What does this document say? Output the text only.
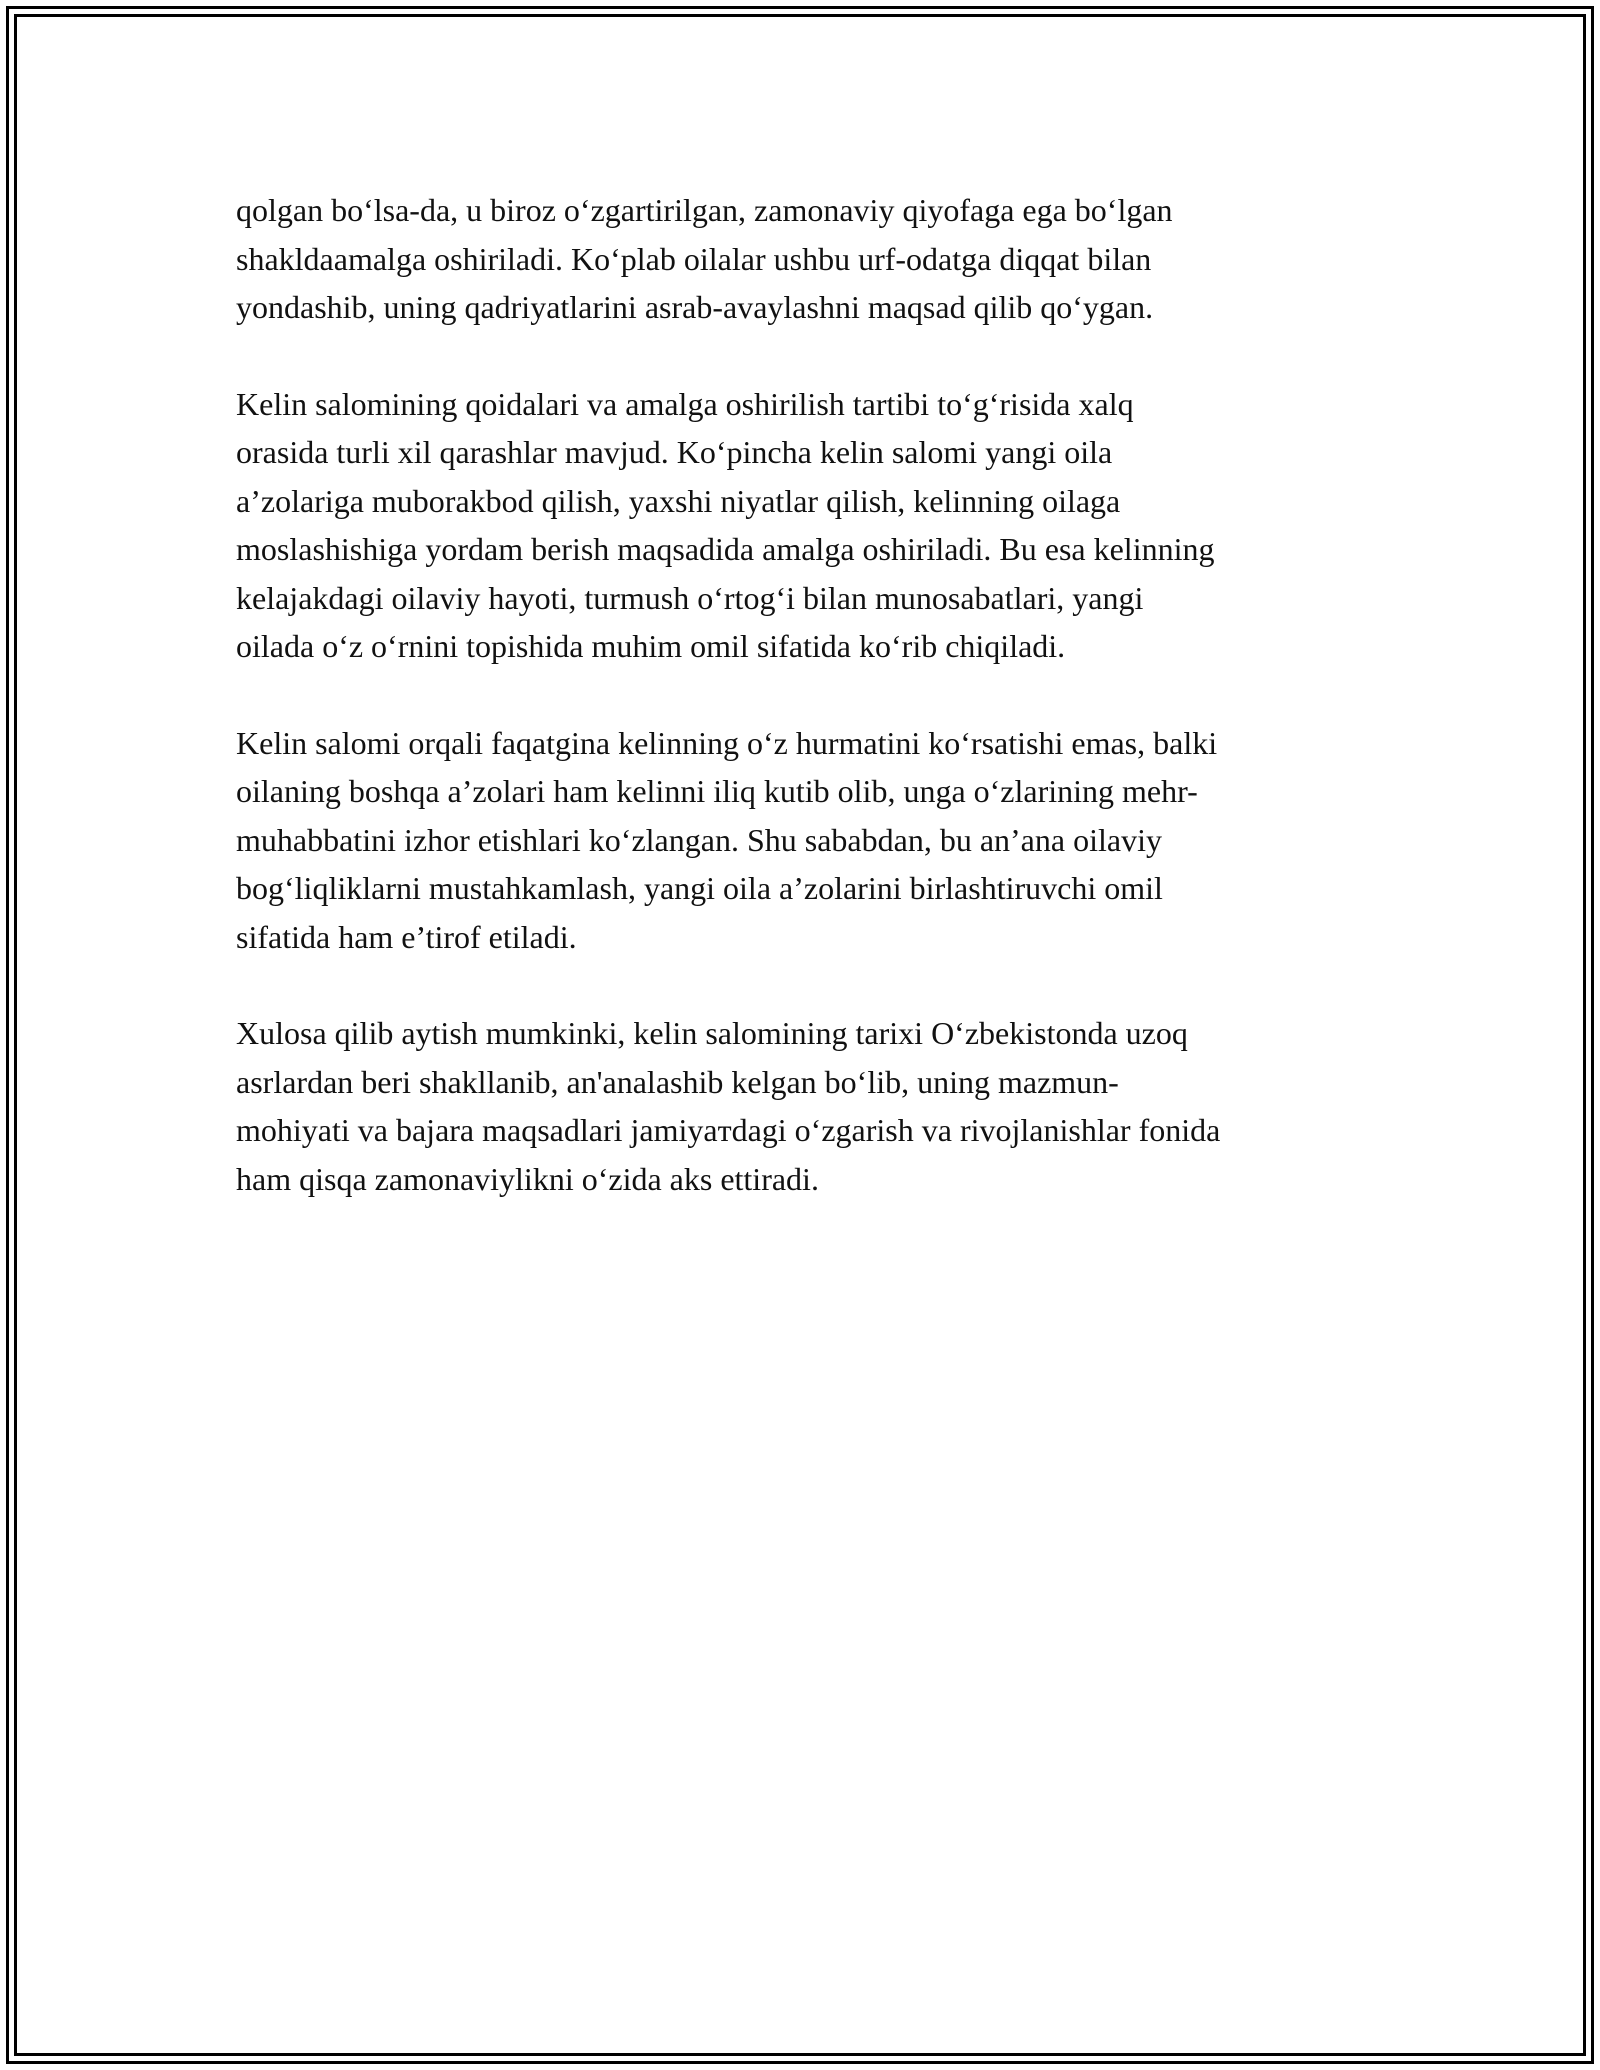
qolgan bo‘lsa-da, u biroz o‘zgartirilgan, zamonaviy qiyofaga ega bo‘lgan
shakldaamalga oshiriladi. Ko‘plab oilalar ushbu urf-odatga diqqat bilan
yondashib, uning qadriyatlarini asrab-avaylashni maqsad qilib qo‘ygan.

Kelin salomining qoidalari va amalga oshirilish tartibi to‘g‘risida xalq
orasida turli xil qarashlar mavjud. Ko‘pincha kelin salomi yangi oila
a’zolariga muborakbod qilish, yaxshi niyatlar qilish, kelinning oilaga
moslashishiga yordam berish maqsadida amalga oshiriladi. Bu esa kelinning
kelajakdagi oilaviy hayoti, turmush o‘rtog‘i bilan munosabatlari, yangi
oilada o‘z o‘rnini topishida muhim omil sifatida ko‘rib chiqiladi.

Kelin salomi orqali faqatgina kelinning o‘z hurmatini ko‘rsatishi emas, balki
oilaning boshqa a’zolari ham kelinni iliq kutib olib, unga o‘zlarining mehr-
muhabbatini izhor etishlari ko‘zlangan. Shu sababdan, bu an’ana oilaviy
bog‘liqliklarni mustahkamlash, yangi oila a’zolarini birlashtiruvchi omil
sifatida ham e’tirof etiladi.

Xulosa qilib aytish mumkinki, kelin salomining tarixi O‘zbekistonda uzoq
asrlardan beri shakllanib, an'analashib kelgan bo‘lib, uning mazmun-
mohiyati va bajara maqsadlari jamiyaтdagi o‘zgarish va rivojlanishlar fonida
ham qisqa zamonaviylikni o‘zida aks ettiradi.
